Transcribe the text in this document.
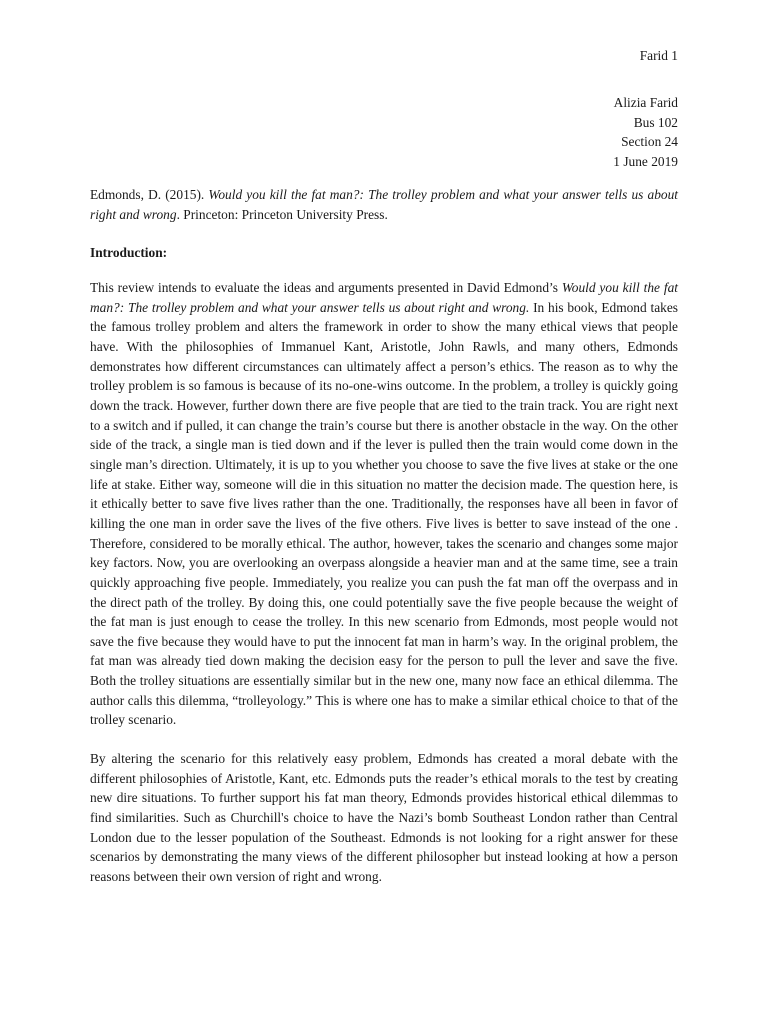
Farid 1
Alizia Farid
Bus 102
Section 24
1 June 2019
Edmonds, D. (2015). Would you kill the fat man?: The trolley problem and what your answer tells us about right and wrong. Princeton: Princeton University Press.
Introduction:
This review intends to evaluate the ideas and arguments presented in David Edmond’s Would you kill the fat man?: The trolley problem and what your answer tells us about right and wrong. In his book, Edmond takes the famous trolley problem and alters the framework in order to show the many ethical views that people have. With the philosophies of Immanuel Kant, Aristotle, John Rawls, and many others, Edmonds demonstrates how different circumstances can ultimately affect a person’s ethics. The reason as to why the trolley problem is so famous is because of its no-one-wins outcome. In the problem, a trolley is quickly going down the track. However, further down there are five people that are tied to the train track. You are right next to a switch and if pulled, it can change the train’s course but there is another obstacle in the way. On the other side of the track, a single man is tied down and if the lever is pulled then the train would come down in the single man’s direction. Ultimately, it is up to you whether you choose to save the five lives at stake or the one life at stake. Either way, someone will die in this situation no matter the decision made. The question here, is it ethically better to save five lives rather than the one. Traditionally, the responses have all been in favor of killing the one man in order save the lives of the five others. Five lives is better to save instead of the one . Therefore, considered to be morally ethical. The author, however, takes the scenario and changes some major key factors. Now, you are overlooking an overpass alongside a heavier man and at the same time, see a train quickly approaching five people. Immediately, you realize you can push the fat man off the overpass and in the direct path of the trolley. By doing this, one could potentially save the five people because the weight of the fat man is just enough to cease the trolley. In this new scenario from Edmonds, most people would not save the five because they would have to put the innocent fat man in harm’s way. In the original problem, the fat man was already tied down making the decision easy for the person to pull the lever and save the five. Both the trolley situations are essentially similar but in the new one, many now face an ethical dilemma. The author calls this dilemma, “trolleyology.” This is where one has to make a similar ethical choice to that of the trolley scenario.
By altering the scenario for this relatively easy problem, Edmonds has created a moral debate with the different philosophies of Aristotle, Kant, etc. Edmonds puts the reader’s ethical morals to the test by creating new dire situations. To further support his fat man theory, Edmonds provides historical ethical dilemmas to find similarities. Such as Churchill's choice to have the Nazi’s bomb Southeast London rather than Central London due to the lesser population of the Southeast. Edmonds is not looking for a right answer for these scenarios by demonstrating the many views of the different philosopher but instead looking at how a person reasons between their own version of right and wrong.
